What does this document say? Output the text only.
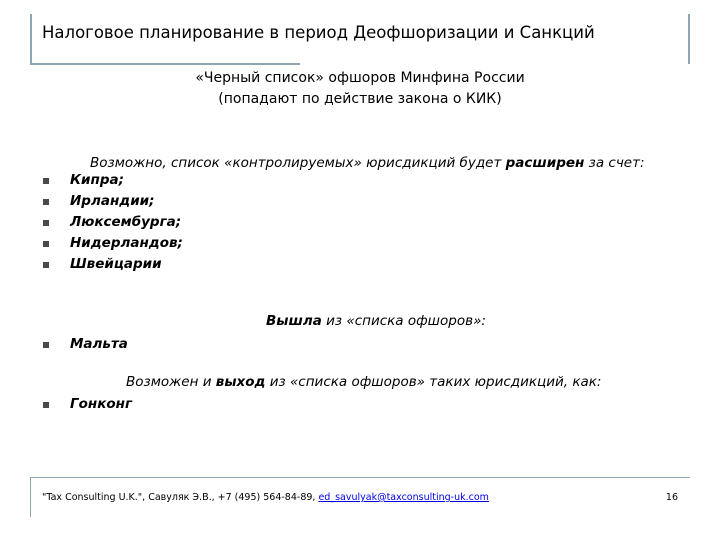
Налоговое планирование в период Деофшоризации и Санкций

«Черный список» офшоров Минфина России

(попадают по действие закона о КИК)

Возможно, список «контролируемых» юрисдикций будет расширен за счет:

Кипра;
Ирландии;
Люксембурга;
Нидерландов;
Швейцарии

Вышла из «списка офшоров»:

Мальта

Возможен и выход из «списка офшоров» таких юрисдикций, как:

Гонконг
"Tax Consulting U.K.", Савуляк Э.В., +7 (495) 564-84-89, ed_savulyak@taxconsulting-uk.com	16
